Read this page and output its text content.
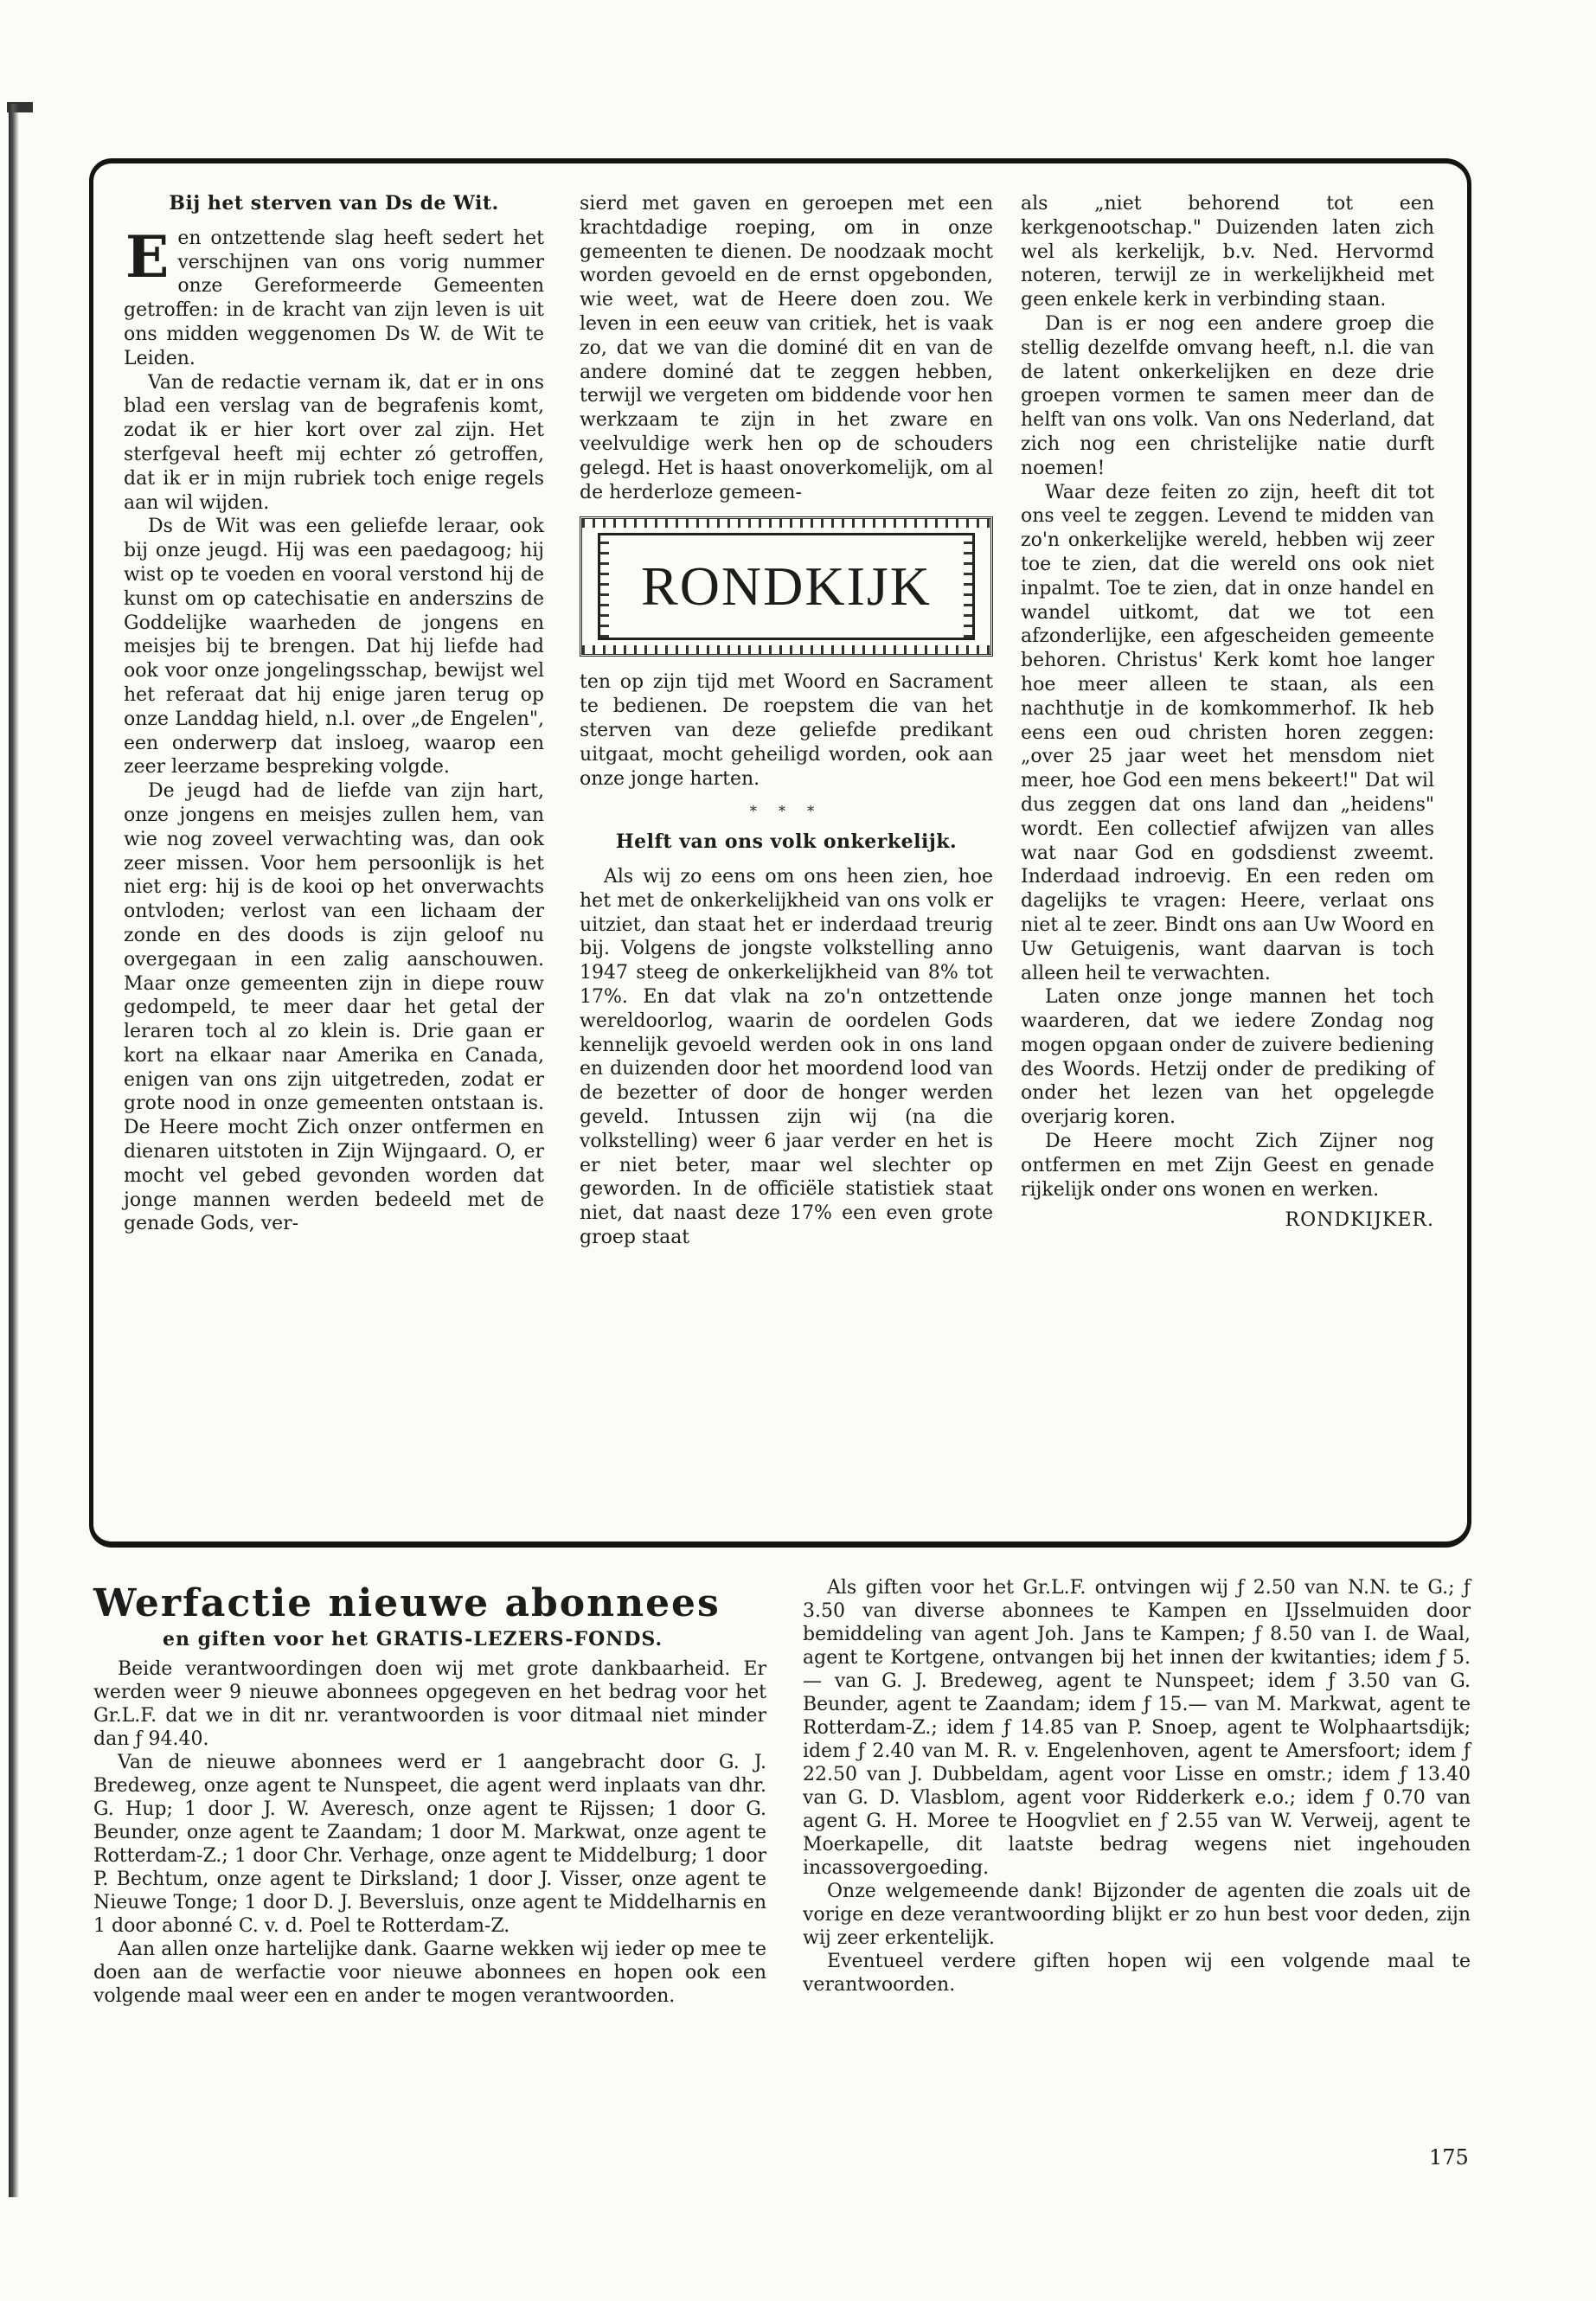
Bij het sterven van Ds de Wit.

Een ontzettende slag heeft sedert het verschijnen van ons vorig nummer onze Gereformeerde Gemeenten getroffen: in de kracht van zijn leven is uit ons midden weggenomen Ds W. de Wit te Leiden.

Van de redactie vernam ik, dat er in ons blad een verslag van de begrafenis komt, zodat ik er hier kort over zal zijn. Het sterfgeval heeft mij echter zó getroffen, dat ik er in mijn rubriek toch enige regels aan wil wijden.

Ds de Wit was een geliefde leraar, ook bij onze jeugd. Hij was een paedagoog; hij wist op te voeden en vooral verstond hij de kunst om op catechisatie en anderszins de Goddelijke waarheden de jongens en meisjes bij te brengen. Dat hij liefde had ook voor onze jongelingsschap, bewijst wel het referaat dat hij enige jaren terug op onze Landdag hield, n.l. over „de Engelen", een onderwerp dat insloeg, waarop een zeer leerzame bespreking volgde.

De jeugd had de liefde van zijn hart, onze jongens en meisjes zullen hem, van wie nog zoveel verwachting was, dan ook zeer missen. Voor hem persoonlijk is het niet erg: hij is de kooi op het onverwachts ontvloden; verlost van een lichaam der zonde en des doods is zijn geloof nu overgegaan in een zalig aanschouwen. Maar onze gemeenten zijn in diepe rouw gedompeld, te meer daar het getal der leraren toch al zo klein is. Drie gaan er kort na elkaar naar Amerika en Canada, enigen van ons zijn uitgetreden, zodat er grote nood in onze gemeenten ontstaan is. De Heere mocht Zich onzer ontfermen en dienaren uitstoten in Zijn Wijngaard. O, er mocht vel gebed gevonden worden dat jonge mannen werden bedeeld met de genade Gods, ver-

sierd met gaven en geroepen met een krachtdadige roeping, om in onze gemeenten te dienen. De noodzaak mocht worden gevoeld en de ernst opgebonden, wie weet, wat de Heere doen zou. We leven in een eeuw van critiek, het is vaak zo, dat we van die dominé dit en van de andere dominé dat te zeggen hebben, terwijl we vergeten om biddende voor hen werkzaam te zijn in het zware en veelvuldige werk hen op de schouders gelegd. Het is haast onoverkomelijk, om al de herderloze gemeen-

RONDKIJK

ten op zijn tijd met Woord en Sacrament te bedienen. De roepstem die van het sterven van deze geliefde predikant uitgaat, mocht geheiligd worden, ook aan onze jonge harten.

* * *
Helft van ons volk onkerkelijk.

Als wij zo eens om ons heen zien, hoe het met de onkerkelijkheid van ons volk er uitziet, dan staat het er inderdaad treurig bij. Volgens de jongste volkstelling anno 1947 steeg de onkerkelijkheid van 8% tot 17%. En dat vlak na zo'n ontzettende wereldoorlog, waarin de oordelen Gods kennelijk gevoeld werden ook in ons land en duizenden door het moordend lood van de bezetter of door de honger werden geveld. Intussen zijn wij (na die volkstelling) weer 6 jaar verder en het is er niet beter, maar wel slechter op geworden. In de officiële statistiek staat niet, dat naast deze 17% een even grote groep staat

als „niet behorend tot een kerkgenootschap." Duizenden laten zich wel als kerkelijk, b.v. Ned. Hervormd noteren, terwijl ze in werkelijkheid met geen enkele kerk in verbinding staan.

Dan is er nog een andere groep die stellig dezelfde omvang heeft, n.l. die van de latent onkerkelijken en deze drie groepen vormen te samen meer dan de helft van ons volk. Van ons Nederland, dat zich nog een christelijke natie durft noemen!

Waar deze feiten zo zijn, heeft dit tot ons veel te zeggen. Levend te midden van zo'n onkerkelijke wereld, hebben wij zeer toe te zien, dat die wereld ons ook niet inpalmt. Toe te zien, dat in onze handel en wandel uitkomt, dat we tot een afzonderlijke, een afgescheiden gemeente behoren. Christus' Kerk komt hoe langer hoe meer alleen te staan, als een nachthutje in de komkommerhof. Ik heb eens een oud christen horen zeggen: „over 25 jaar weet het mensdom niet meer, hoe God een mens bekeert!" Dat wil dus zeggen dat ons land dan „heidens" wordt. Een collectief afwijzen van alles wat naar God en godsdienst zweemt. Inderdaad indroevig. En een reden om dagelijks te vragen: Heere, verlaat ons niet al te zeer. Bindt ons aan Uw Woord en Uw Getuigenis, want daarvan is toch alleen heil te verwachten.

Laten onze jonge mannen het toch waarderen, dat we iedere Zondag nog mogen opgaan onder de zuivere bediening des Woords. Hetzij onder de prediking of onder het lezen van het opgelegde overjarig koren.

De Heere mocht Zich Zijner nog ontfermen en met Zijn Geest en genade rijkelijk onder ons wonen en werken.

RONDKIJKER.
Werfactie nieuwe abonnees
en giften voor het GRATIS-LEZERS-FONDS.

Beide verantwoordingen doen wij met grote dankbaarheid. Er werden weer 9 nieuwe abonnees opgegeven en het bedrag voor het Gr.L.F. dat we in dit nr. verantwoorden is voor ditmaal niet minder dan ƒ 94.40.

Van de nieuwe abonnees werd er 1 aangebracht door G. J. Bredeweg, onze agent te Nunspeet, die agent werd inplaats van dhr. G. Hup; 1 door J. W. Averesch, onze agent te Rijssen; 1 door G. Beunder, onze agent te Zaandam; 1 door M. Markwat, onze agent te Rotterdam-Z.; 1 door Chr. Verhage, onze agent te Middelburg; 1 door P. Bechtum, onze agent te Dirksland; 1 door J. Visser, onze agent te Nieuwe Tonge; 1 door D. J. Beversluis, onze agent te Middelharnis en 1 door abonné C. v. d. Poel te Rotterdam-Z.

Aan allen onze hartelijke dank. Gaarne wekken wij ieder op mee te doen aan de werfactie voor nieuwe abonnees en hopen ook een volgende maal weer een en ander te mogen verantwoorden.

Als giften voor het Gr.L.F. ontvingen wij ƒ 2.50 van N.N. te G.; ƒ 3.50 van diverse abonnees te Kampen en IJsselmuiden door bemiddeling van agent Joh. Jans te Kampen; ƒ 8.50 van I. de Waal, agent te Kortgene, ontvangen bij het innen der kwitanties; idem ƒ 5.— van G. J. Bredeweg, agent te Nunspeet; idem ƒ 3.50 van G. Beunder, agent te Zaandam; idem ƒ 15.— van M. Markwat, agent te Rotterdam-Z.; idem ƒ 14.85 van P. Snoep, agent te Wolphaartsdijk; idem ƒ 2.40 van M. R. v. Engelenhoven, agent te Amersfoort; idem ƒ 22.50 van J. Dubbeldam, agent voor Lisse en omstr.; idem ƒ 13.40 van G. D. Vlasblom, agent voor Ridderkerk e.o.; idem ƒ 0.70 van agent G. H. Moree te Hoogvliet en ƒ 2.55 van W. Verweij, agent te Moerkapelle, dit laatste bedrag wegens niet ingehouden incassovergoeding.

Onze welgemeende dank! Bijzonder de agenten die zoals uit de vorige en deze verantwoording blijkt er zo hun best voor deden, zijn wij zeer erkentelijk.

Eventueel verdere giften hopen wij een volgende maal te verantwoorden.

175
